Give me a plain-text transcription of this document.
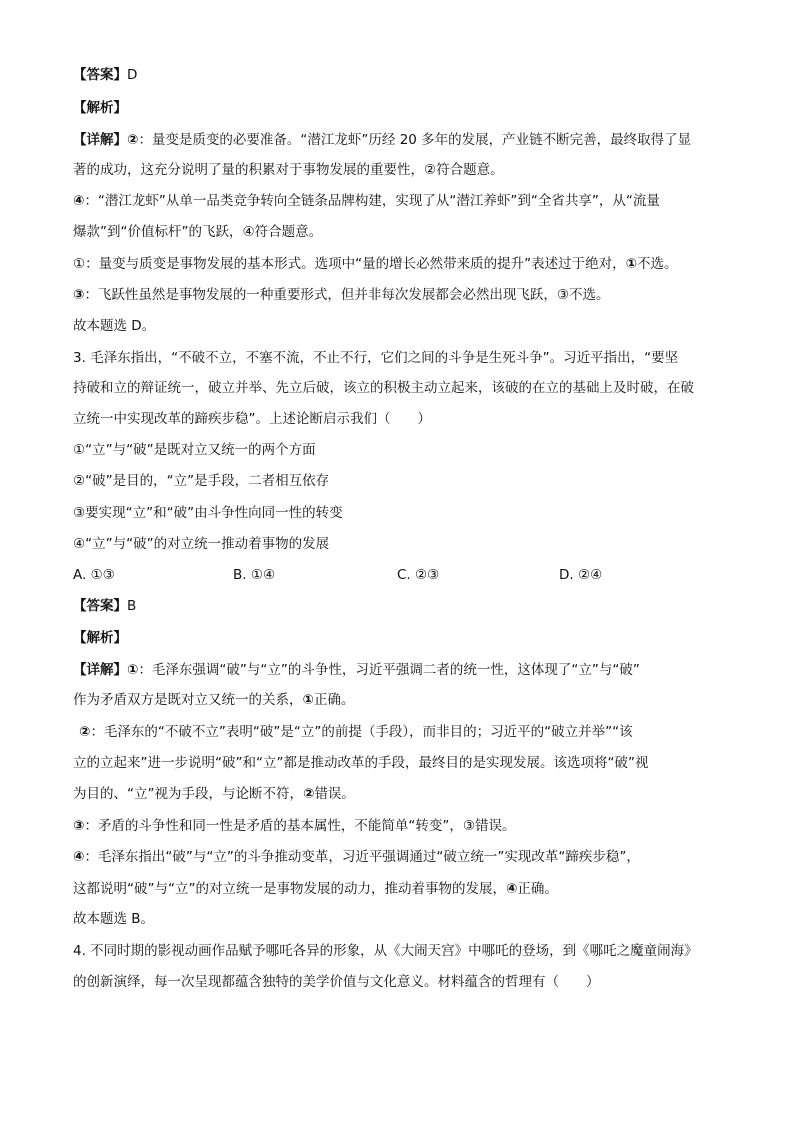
【答案】D
【解析】
【详解】②：量变是质变的必要准备。“潜江龙虾”历经 20 多年的发展，产业链不断完善，最终取得了显
著的成功，这充分说明了量的积累对于事物发展的重要性，②符合题意。
④：“潜江龙虾”从单一品类竞争转向全链条品牌构建，实现了从“潜江养虾”到“全省共享”，从“流量
爆款”到“价值标杆”的飞跃，④符合题意。
①：量变与质变是事物发展的基本形式。选项中“量的增长必然带来质的提升”表述过于绝对，①不选。
③：飞跃性虽然是事物发展的一种重要形式，但并非每次发展都会必然出现飞跃，③不选。
故本题选 D。
3. 毛泽东指出，“不破不立，不塞不流，不止不行，它们之间的斗争是生死斗争”。习近平指出，“要坚
持破和立的辩证统一，破立并举、先立后破，该立的积极主动立起来，该破的在立的基础上及时破，在破
立统一中实现改革的蹄疾步稳”。上述论断启示我们（　　）
①“立”与“破”是既对立又统一的两个方面
②“破”是目的，“立”是手段，二者相互依存
③要实现“立”和“破”由斗争性向同一性的转变
④“立”与“破”的对立统一推动着事物的发展
A. ①③	B. ①④	C. ②③	D. ②④
【答案】B
【解析】
【详解】①：毛泽东强调“破”与“立”的斗争性，习近平强调二者的统一性，这体现了“立”与“破”
作为矛盾双方是既对立又统一的关系，①正确。
②：毛泽东的“不破不立”表明“破”是“立”的前提（手段），而非目的；习近平的“破立并举”“该
立的立起来”进一步说明“破”和“立”都是推动改革的手段，最终目的是实现发展。该选项将“破”视
为目的、“立”视为手段，与论断不符，②错误。
③：矛盾的斗争性和同一性是矛盾的基本属性，不能简单“转变”，③错误。
④：毛泽东指出“破”与“立”的斗争推动变革，习近平强调通过“破立统一”实现改革“蹄疾步稳”，
这都说明“破”与“立”的对立统一是事物发展的动力，推动着事物的发展，④正确。
故本题选 B。
4. 不同时期的影视动画作品赋予哪吒各异的形象，从《大闹天宫》中哪吒的登场，到《哪吒之魔童闹海》
的创新演绎，每一次呈现都蕴含独特的美学价值与文化意义。材料蕴含的哲理有（　　）
